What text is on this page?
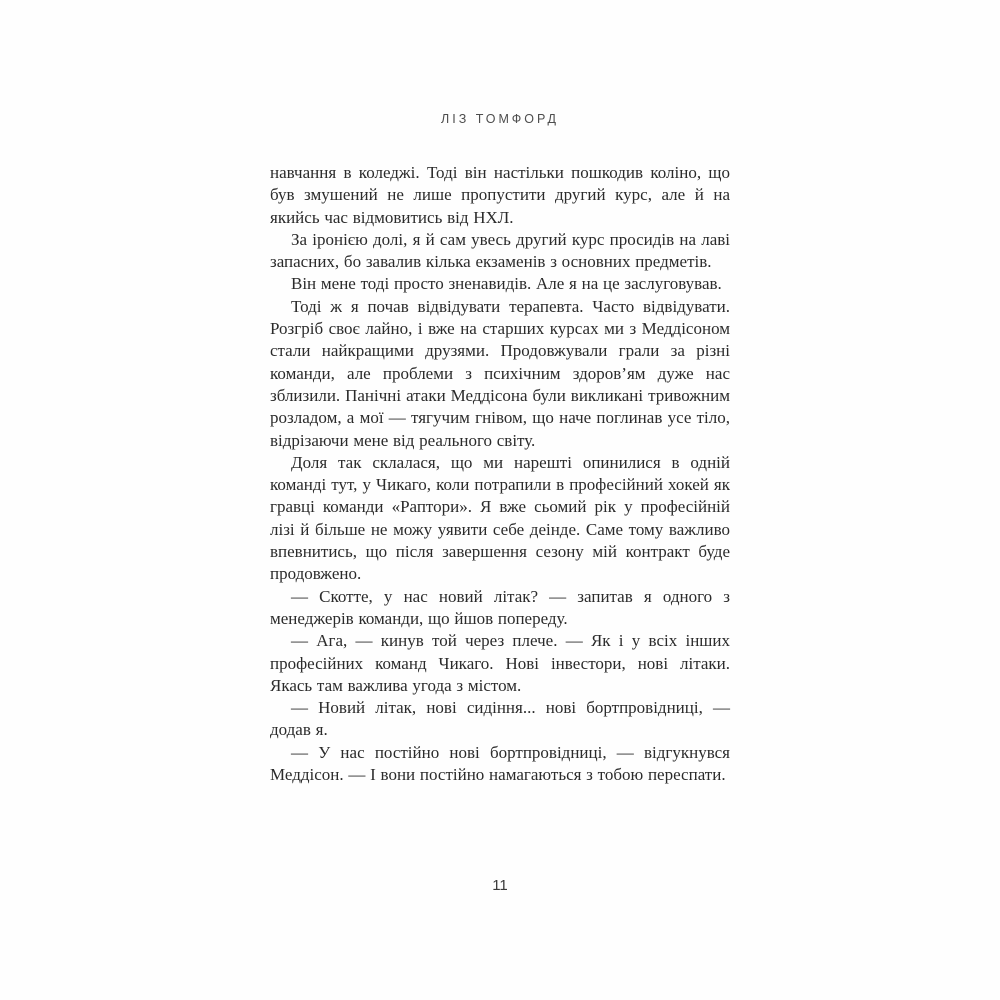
ЛІЗ ТОМФОРД

навчання в коледжі. Тоді він настільки пошкодив коліно, що був змушений не лише пропустити другий курс, але й на якийсь час відмовитись від НХЛ.

За іронією долі, я й сам увесь другий курс просидів на лаві запасних, бо завалив кілька екзаменів з основних предметів.

Він мене тоді просто зненавидів. Але я на це заслуговував.

Тоді ж я почав відвідувати терапевта. Часто відвідувати. Розгріб своє лайно, і вже на старших курсах ми з Меддісоном стали найкращими друзями. Продовжували грали за різні команди, але проблеми з психічним здоров’ям дуже нас зблизили. Панічні атаки Меддісона були викликані тривожним розладом, а мої — тягучим гнівом, що наче поглинав усе тіло, відрізаючи мене від реального світу.

Доля так склалася, що ми нарешті опинилися в одній команді тут, у Чикаго, коли потрапили в професійний хокей як гравці команди «Раптори». Я вже сьомий рік у професійній лізі й більше не можу уявити себе деінде. Саме тому важливо впевнитись, що після завершення сезону мій контракт буде продовжено.

— Скотте, у нас новий літак? — запитав я одного з менеджерів команди, що йшов попереду.

— Ага, — кинув той через плече. — Як і у всіх інших професійних команд Чикаго. Нові інвестори, нові літаки. Якась там важлива угода з містом.

— Новий літак, нові сидіння... нові бортпровідниці, — додав я.

— У нас постійно нові бортпровідниці, — відгукнувся Меддісон. — І вони постійно намагаються з тобою переспати.

11
